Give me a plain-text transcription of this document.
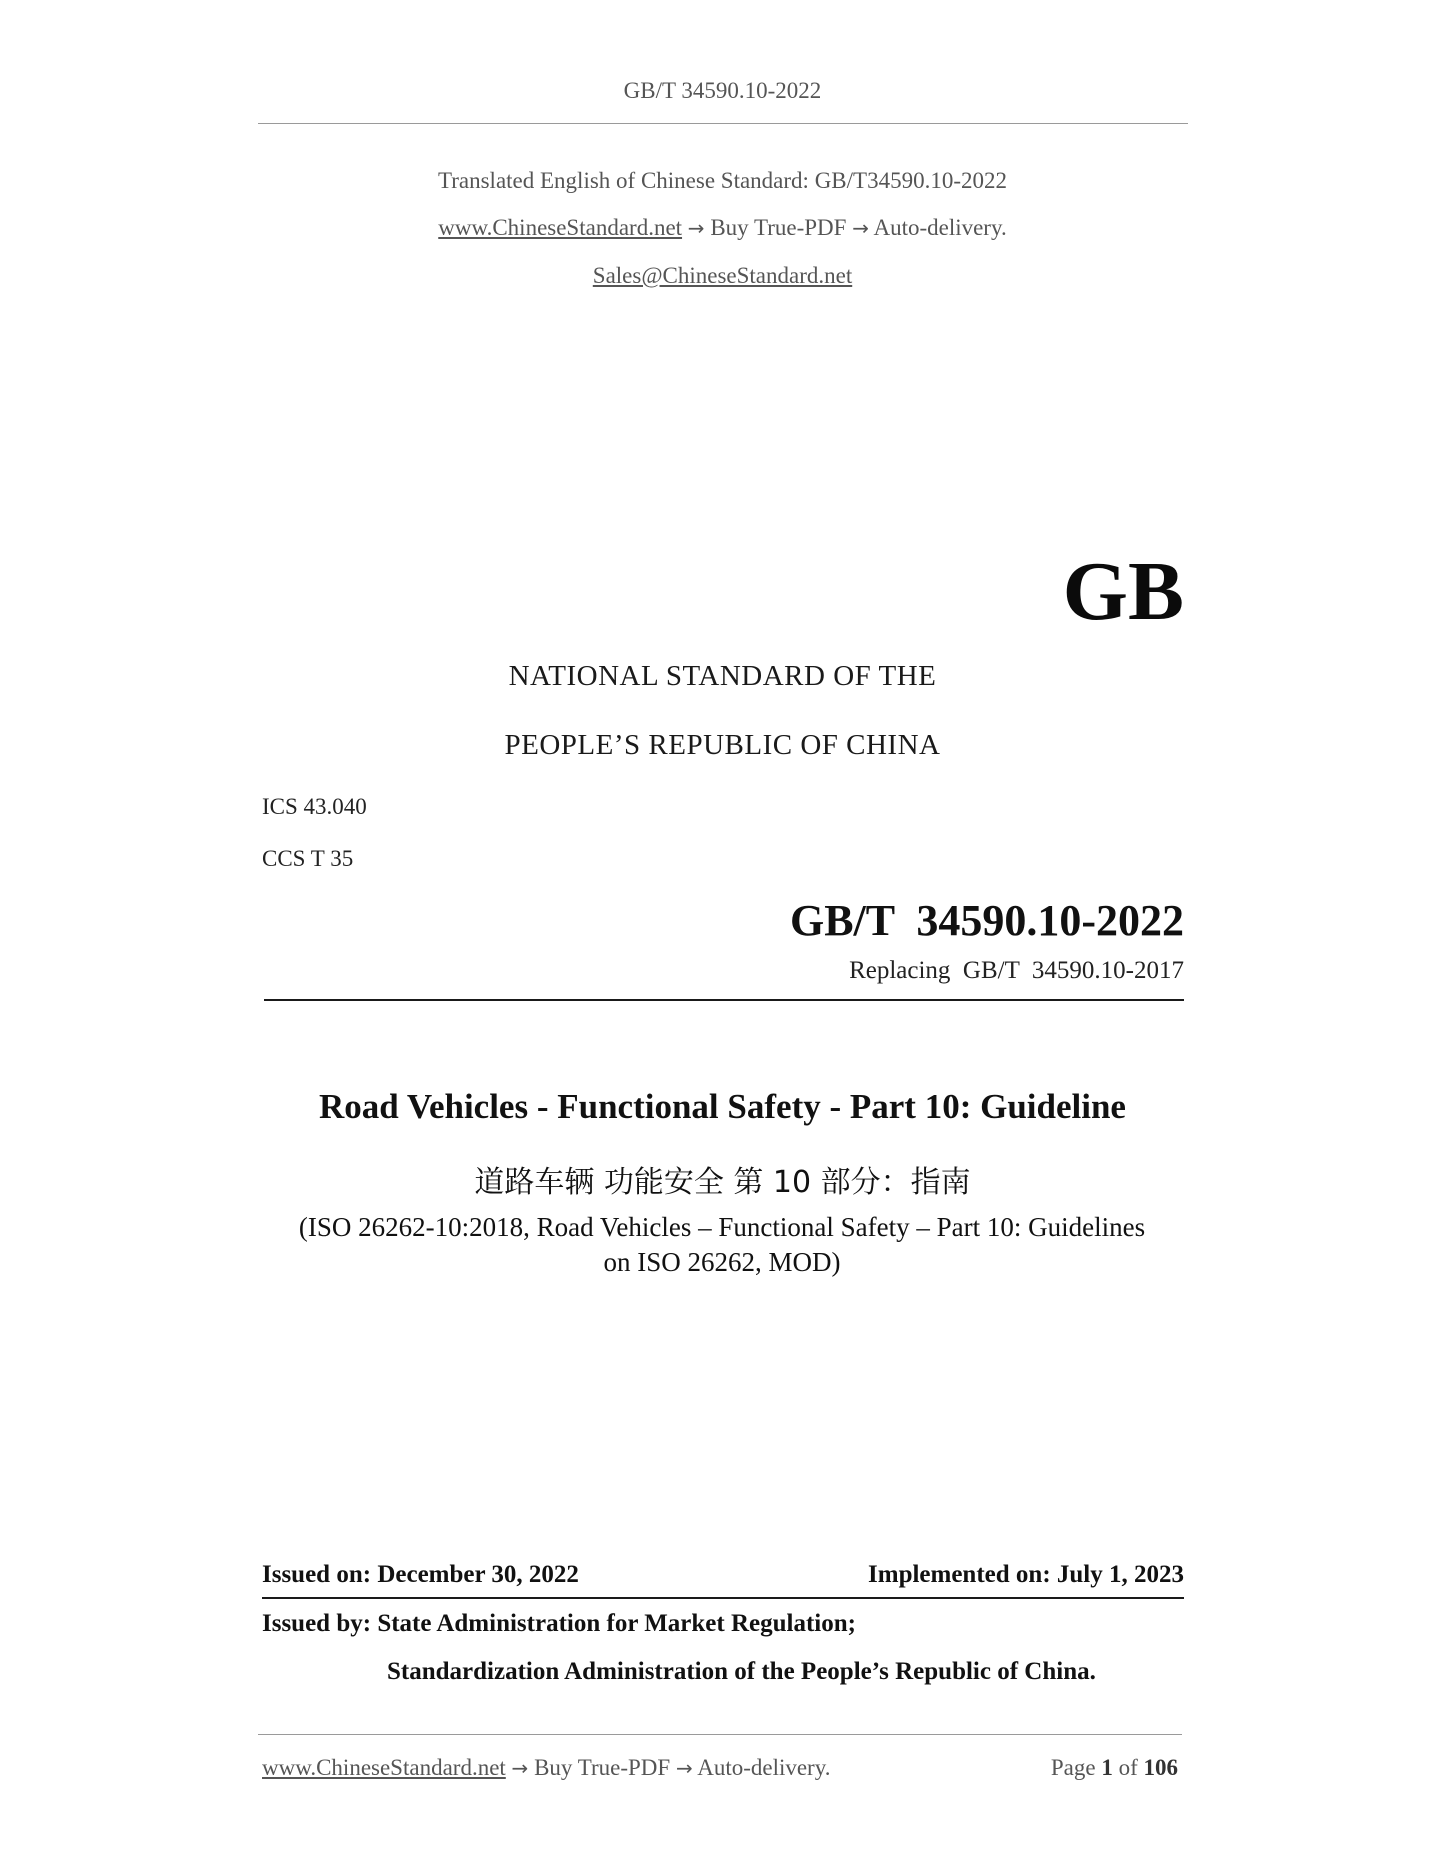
GB/T 34590.10-2022
Translated English of Chinese Standard: GB/T34590.10-2022
www.ChineseStandard.net → Buy True-PDF → Auto-delivery.
Sales@ChineseStandard.net
GB
NATIONAL STANDARD OF THE
PEOPLE’S REPUBLIC OF CHINA
ICS 43.040
CCS T 35
GB/T  34590.10-2022
Replacing  GB/T  34590.10-2017
Road Vehicles - Functional Safety - Part 10: Guideline
道路车辆 功能安全 第 10 部分：指南
(ISO 26262-10:2018, Road Vehicles – Functional Safety – Part 10: Guidelines
on ISO 26262, MOD)
Issued on: December 30, 2022	Implemented on: July 1, 2023
Issued by: State Administration for Market Regulation;
Standardization Administration of the People’s Republic of China.
www.ChineseStandard.net → Buy True-PDF → Auto-delivery.	Page 1 of 106
